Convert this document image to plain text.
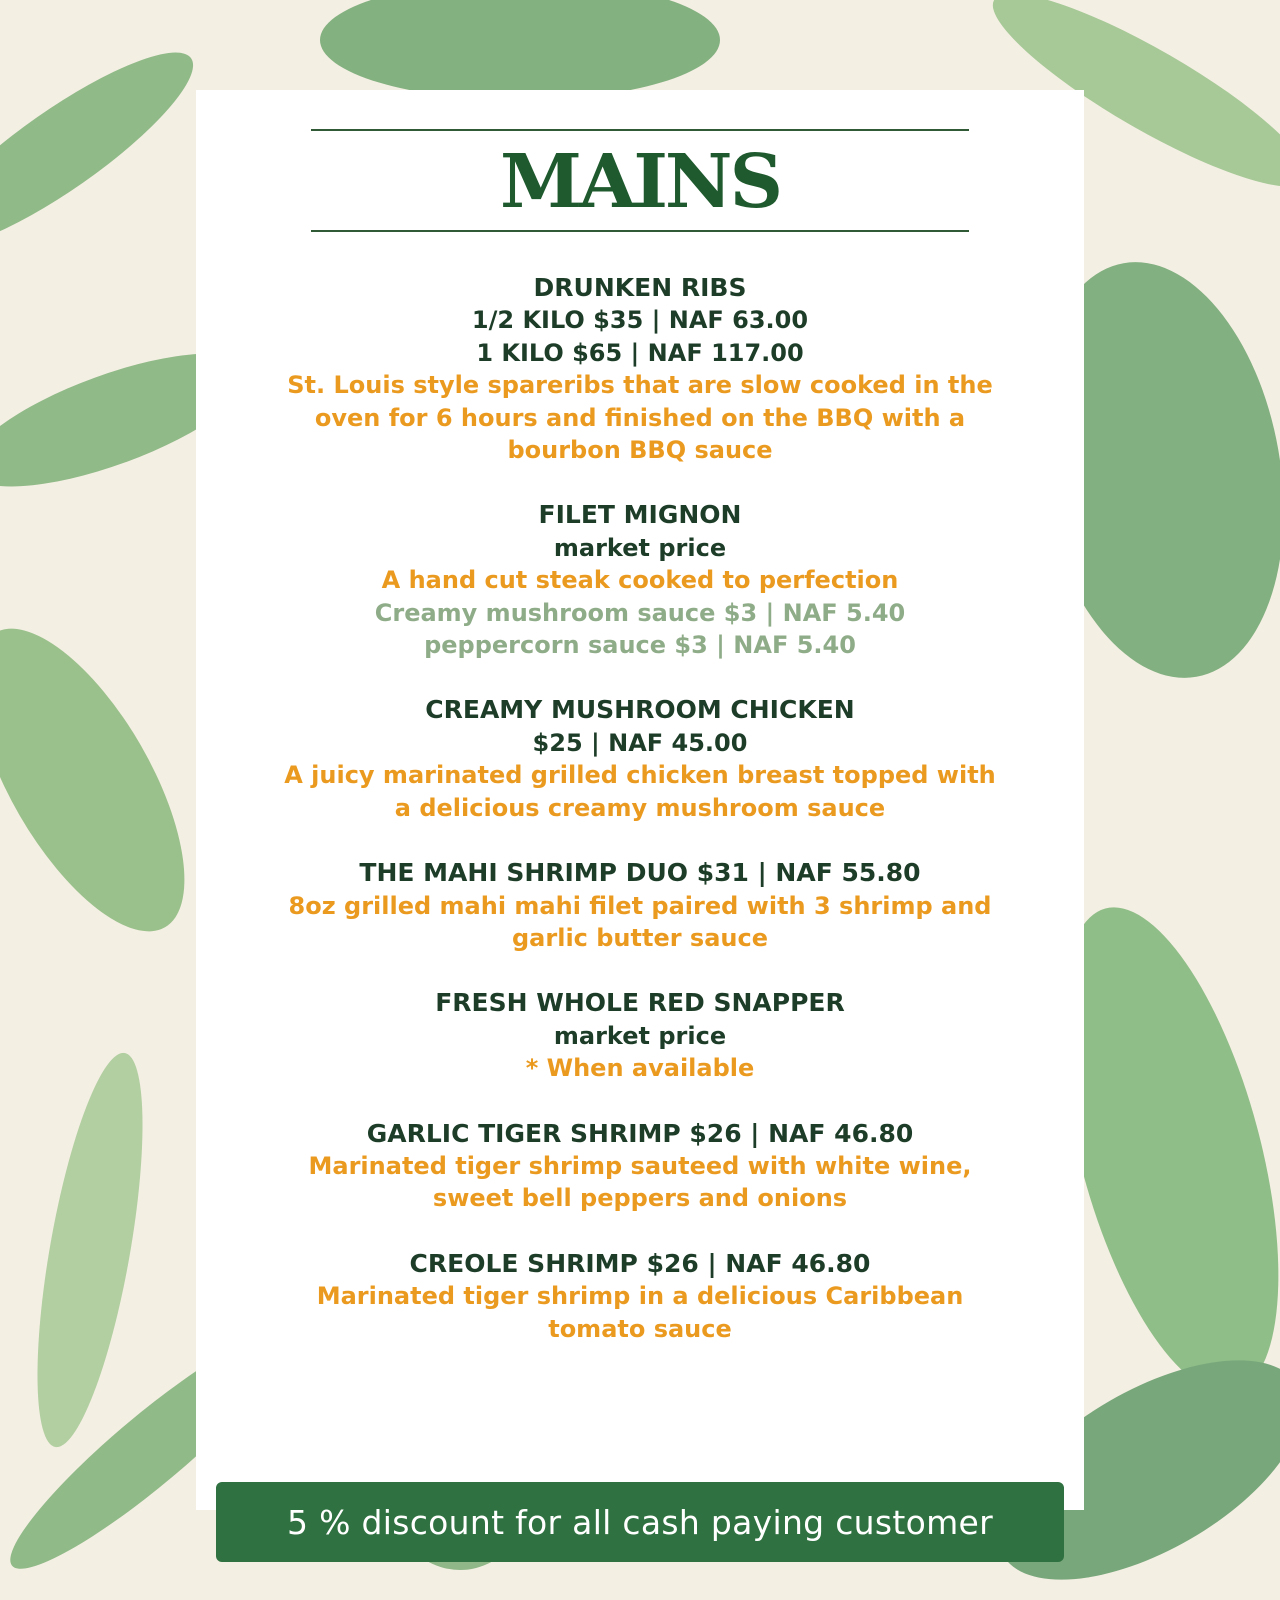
MAINS
DRUNKEN RIBS
1/2 KILO $35 | NAF 63.00
1 KILO $65 | NAF 117.00
St. Louis style spareribs that are slow cooked in the
oven for 6 hours and finished on the BBQ with a
bourbon BBQ sauce
FILET MIGNON
market price
A hand cut steak cooked to perfection
Creamy mushroom sauce $3 | NAF 5.40
peppercorn sauce $3 | NAF 5.40
CREAMY MUSHROOM CHICKEN
$25 | NAF 45.00
A juicy marinated grilled chicken breast topped with
a delicious creamy mushroom sauce
THE MAHI SHRIMP DUO $31 | NAF 55.80
8oz grilled mahi mahi filet paired with 3 shrimp and
garlic butter sauce
FRESH WHOLE RED SNAPPER
market price
* When available
GARLIC TIGER SHRIMP $26 | NAF 46.80
Marinated tiger shrimp sauteed with white wine,
sweet bell peppers and onions
CREOLE SHRIMP $26 | NAF 46.80
Marinated tiger shrimp in a delicious Caribbean
tomato sauce
5 % discount for all cash paying customer
